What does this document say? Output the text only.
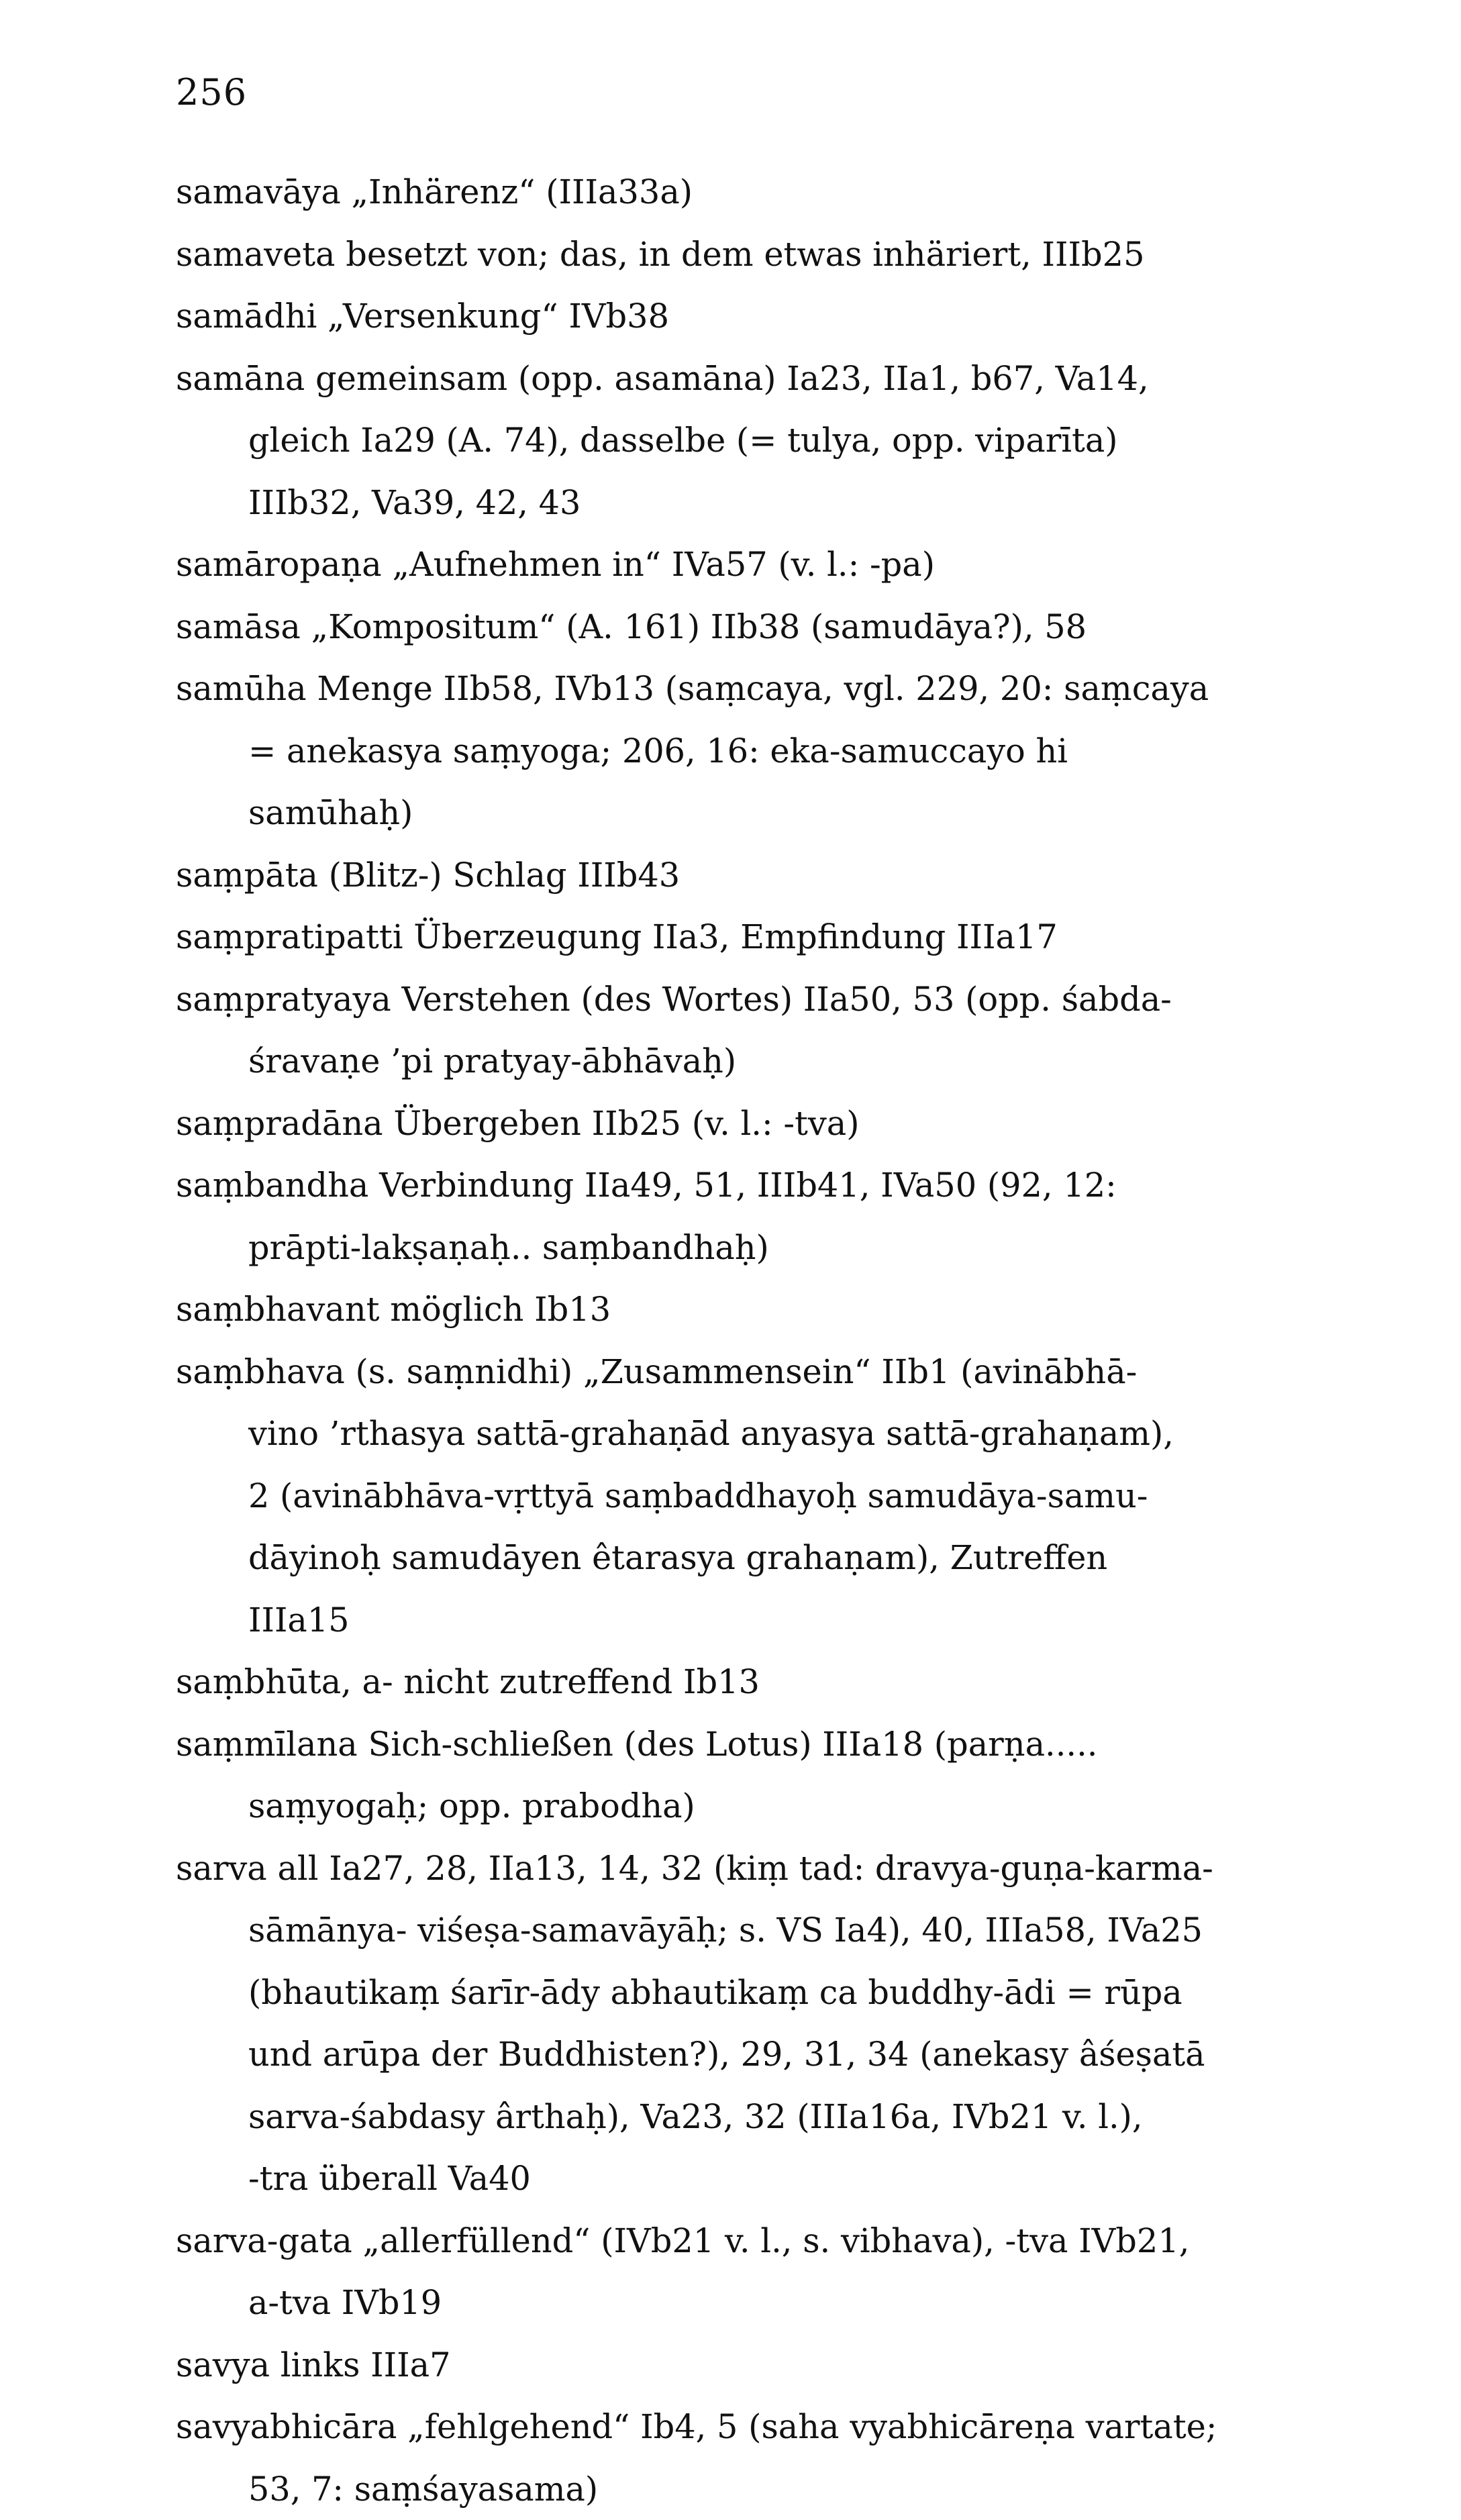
256
samavāya „Inhärenz“ (IIIa33a)
samaveta besetzt von; das, in dem etwas inhäriert, IIIb25
samādhi „Versenkung“ IVb38
samāna gemeinsam (opp. asamāna) Ia23, IIa1, b67, Va14,
gleich Ia29 (A. 74), dasselbe (= tulya, opp. viparīta)
IIIb32, Va39, 42, 43
samāropaṇa „Aufnehmen in“ IVa57 (v. l.: -pa)
samāsa „Kompositum“ (A. 161) IIb38 (samudāya?), 58
samūha Menge IIb58, IVb13 (saṃcaya, vgl. 229, 20: saṃcaya
= anekasya saṃyoga; 206, 16: eka-samuccayo hi
samūhaḥ)
saṃpāta (Blitz-) Schlag IIIb43
saṃpratipatti Überzeugung IIa3, Empfindung IIIa17
saṃpratyaya Verstehen (des Wortes) IIa50, 53 (opp. śabda-
śravaṇe ’pi pratyay-ābhāvaḥ)
saṃpradāna Übergeben IIb25 (v. l.: -tva)
saṃbandha Verbindung IIa49, 51, IIIb41, IVa50 (92, 12:
prāpti-lakṣaṇaḥ.. saṃbandhaḥ)
saṃbhavant möglich Ib13
saṃbhava (s. saṃnidhi) „Zusammensein“ IIb1 (avinābhā-
vino ’rthasya sattā-grahaṇād anyasya sattā-grahaṇam),
2 (avinābhāva-vṛttyā saṃbaddhayoḥ samudāya-samu-
dāyinoḥ samudāyen êtarasya grahaṇam), Zutreffen
IIIa15
saṃbhūta, a- nicht zutreffend Ib13
saṃmīlana Sich-schließen (des Lotus) IIIa18 (parṇa.....
saṃyogaḥ; opp. prabodha)
sarva all Ia27, 28, IIa13, 14, 32 (kiṃ tad: dravya-guṇa-karma-
sāmānya- viśeṣa-samavāyāḥ; s. VS Ia4), 40, IIIa58, IVa25
(bhautikaṃ śarīr-ādy abhautikaṃ ca buddhy-ādi = rūpa
und arūpa der Buddhisten?), 29, 31, 34 (anekasy âśeṣatā
sarva-śabdasy ârthaḥ), Va23, 32 (IIIa16a, IVb21 v. l.),
-tra überall Va40
sarva-gata „allerfüllend“ (IVb21 v. l., s. vibhava), -tva IVb21,
a-tva IVb19
savya links IIIa7
savyabhicāra „fehlgehend“ Ib4, 5 (saha vyabhicāreṇa vartate;
53, 7: saṃśayasama)
